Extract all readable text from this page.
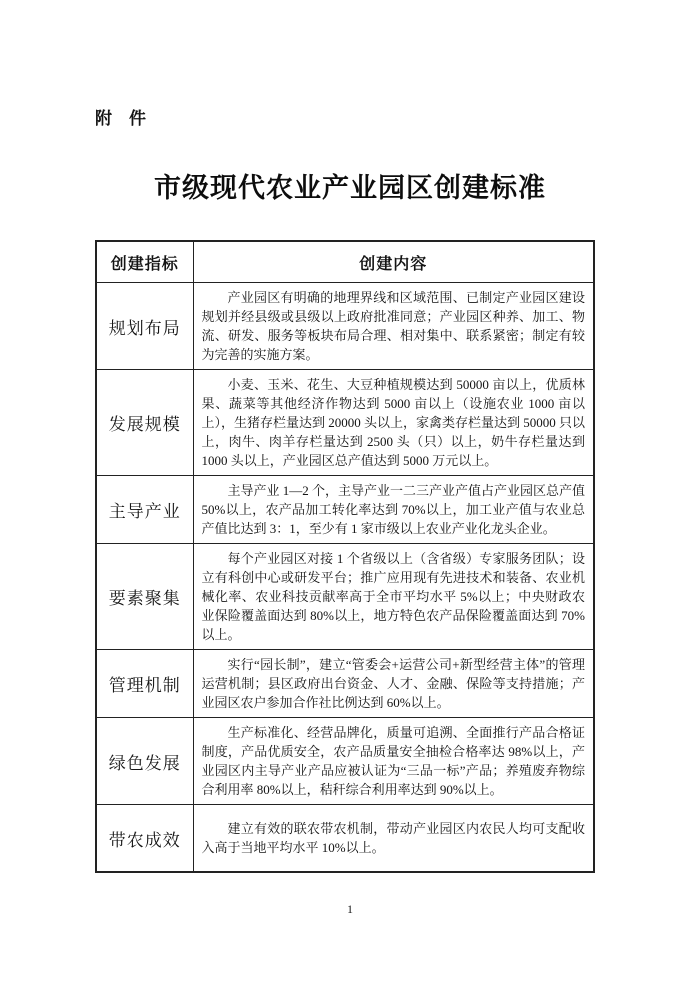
附　件
市级现代农业产业园区创建标准
创建指标	创建内容
规划布局	产业园区有明确的地理界线和区域范围、已制定产业园区建设规划并经县级或县级以上政府批准同意；产业园区种养、加工、物流、研发、服务等板块布局合理、相对集中、联系紧密；制定有较为完善的实施方案。

发展规模	小麦、玉米、花生、大豆种植规模达到 50000 亩以上，优质林果、蔬菜等其他经济作物达到 5000 亩以上（设施农业 1000 亩以上），生猪存栏量达到 20000 头以上，家禽类存栏量达到 50000 只以上，肉牛、肉羊存栏量达到 2500 头（只）以上，奶牛存栏量达到 1000 头以上，产业园区总产值达到 5000 万元以上。

主导产业	主导产业 1—2 个，主导产业一二三产业产值占产业园区总产值 50%以上，农产品加工转化率达到 70%以上，加工业产值与农业总产值比达到 3：1，至少有 1 家市级以上农业产业化龙头企业。

要素聚集	每个产业园区对接 1 个省级以上（含省级）专家服务团队；设立有科创中心或研发平台；推广应用现有先进技术和装备、农业机械化率、农业科技贡献率高于全市平均水平 5%以上；中央财政农业保险覆盖面达到 80%以上，地方特色农产品保险覆盖面达到 70%以上。

管理机制	实行“园长制”，建立“管委会+运营公司+新型经营主体”的管理运营机制；县区政府出台资金、人才、金融、保险等支持措施；产业园区农户参加合作社比例达到 60%以上。

绿色发展	生产标准化、经营品牌化，质量可追溯、全面推行产品合格证制度，产品优质安全，农产品质量安全抽检合格率达 98%以上，产业园区内主导产业产品应被认证为“三品一标”产品；养殖废弃物综合利用率 80%以上，秸秆综合利用率达到 90%以上。

带农成效	建立有效的联农带农机制，带动产业园区内农民人均可支配收入高于当地平均水平 10%以上。

1
